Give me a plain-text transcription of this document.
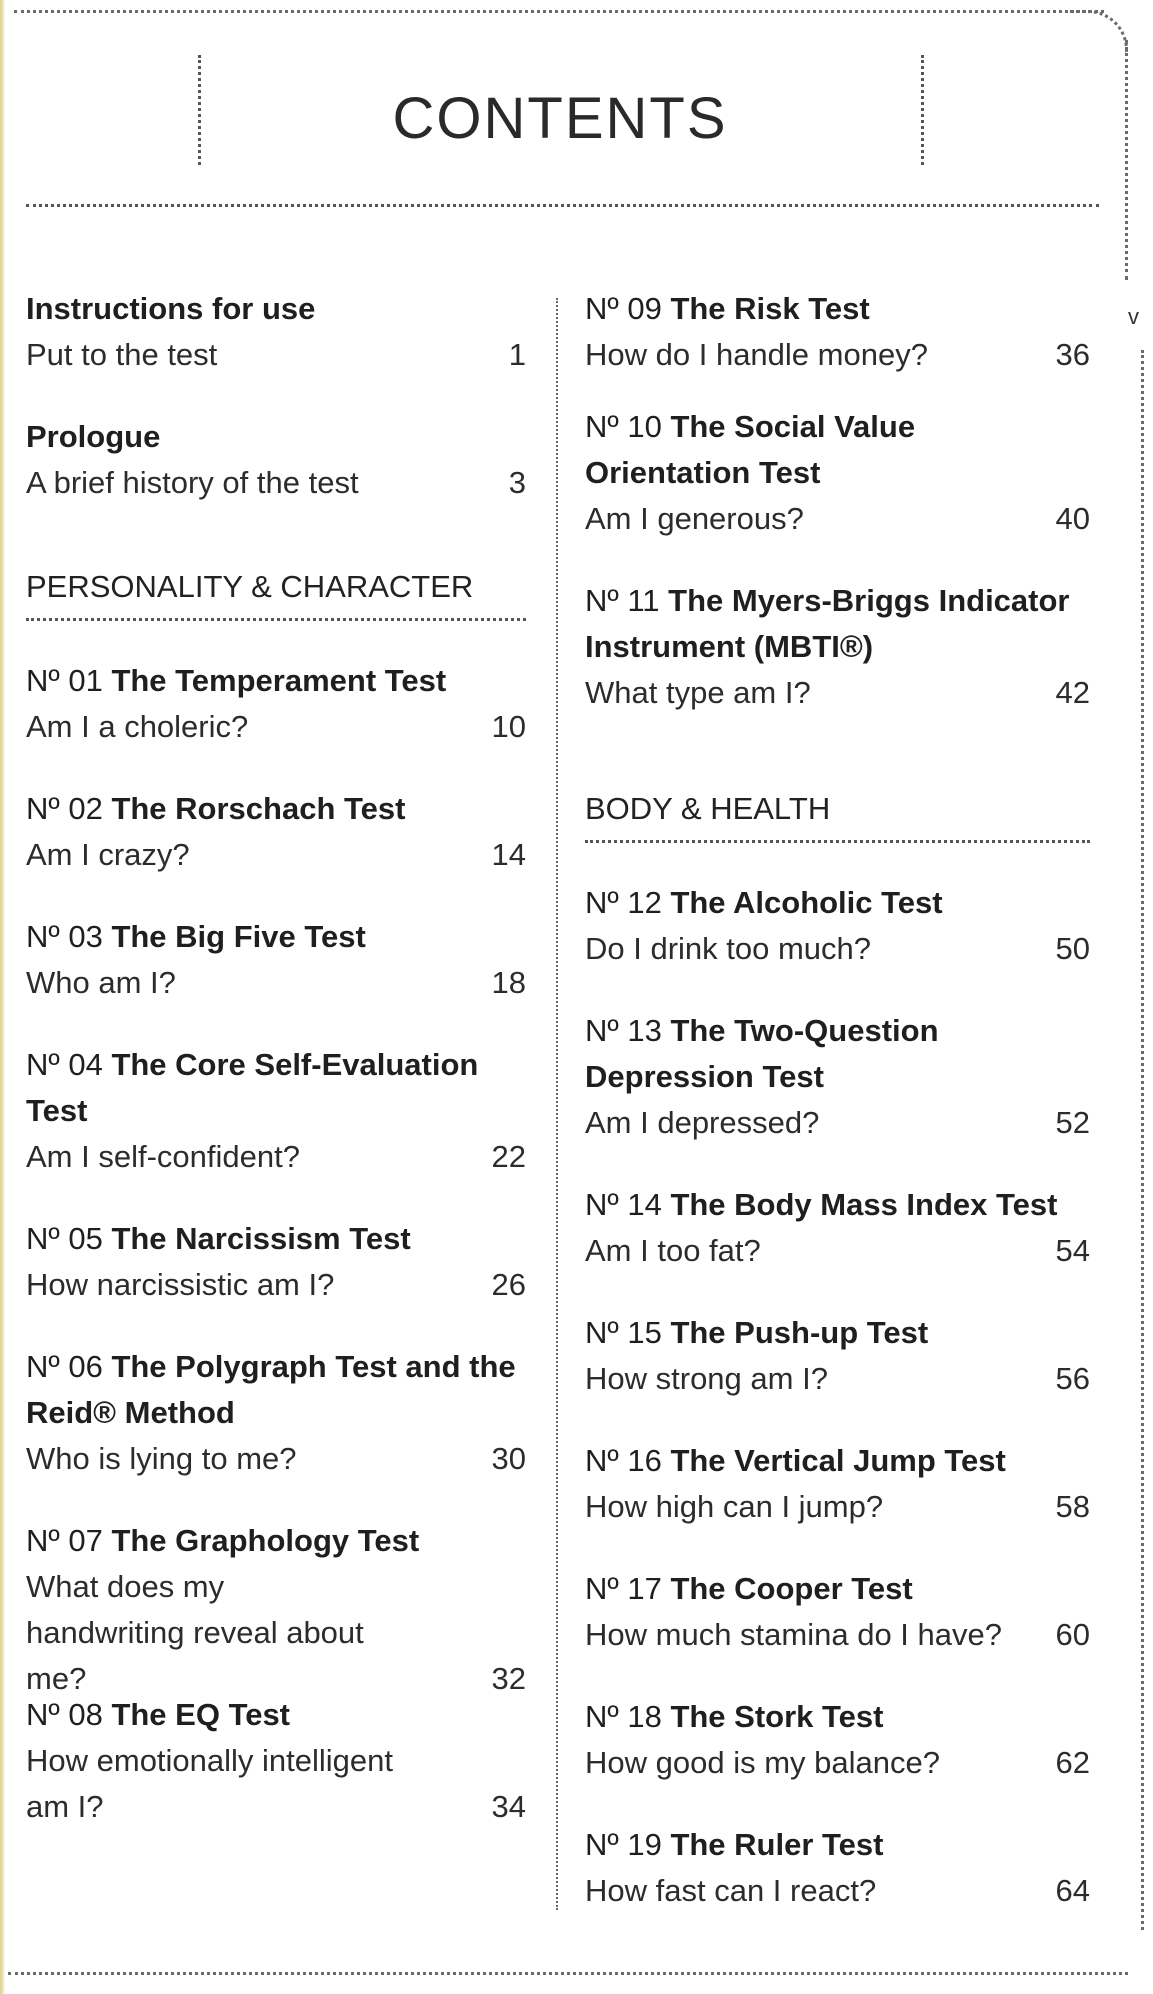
CONTENTS
v
Instructions for use
Put to the test	1
Prologue
A brief history of the test	3
PERSONALITY & CHARACTER
Nº 01 The Temperament Test
Am I a choleric?	10
Nº 02 The Rorschach Test
Am I crazy?	14
Nº 03 The Big Five Test
Who am I?	18
Nº 04 The Core Self-Evaluation Test
Am I self-confident?	22
Nº 05 The Narcissism Test
How narcissistic am I?	26
Nº 06 The Polygraph Test and the Reid® Method
Who is lying to me?	30
Nº 07 The Graphology Test
What does my handwriting reveal about me?	32
Nº 08 The EQ Test
How emotionally intelligent am I?	34
Nº 09 The Risk Test
How do I handle money?	36
Nº 10 The Social Value Orientation Test
Am I generous?	40
Nº 11 The Myers-Briggs Indicator Instrument (MBTI®)
What type am I?	42
BODY & HEALTH
Nº 12 The Alcoholic Test
Do I drink too much?	50
Nº 13 The Two-Question Depression Test
Am I depressed?	52
Nº 14 The Body Mass Index Test
Am I too fat?	54
Nº 15 The Push-up Test
How strong am I?	56
Nº 16 The Vertical Jump Test
How high can I jump?	58
Nº 17 The Cooper Test
How much stamina do I have?	60
Nº 18 The Stork Test
How good is my balance?	62
Nº 19 The Ruler Test
How fast can I react?	64
